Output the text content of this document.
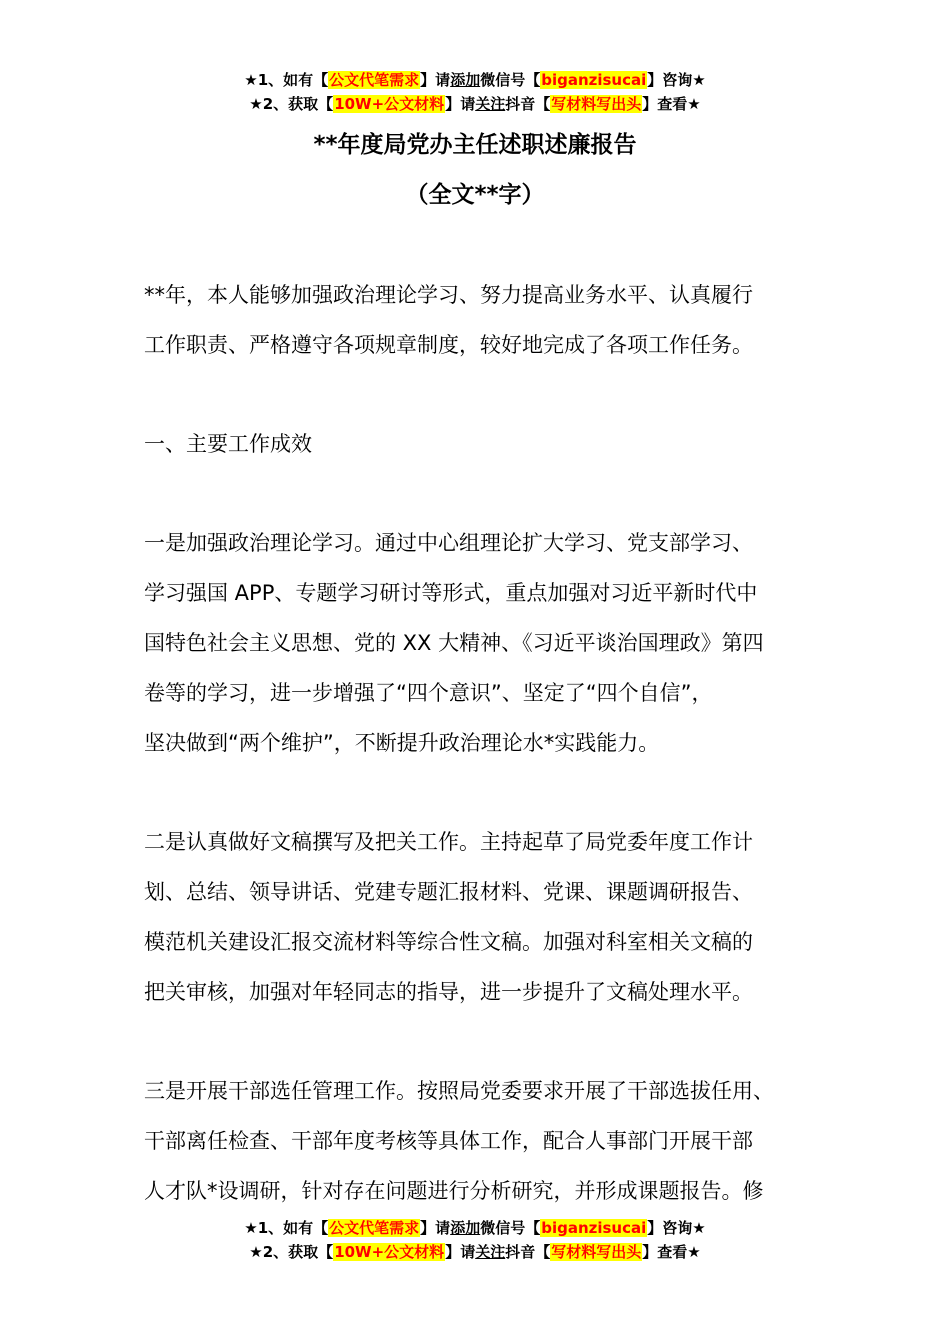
★1、如有【公文代笔需求】请添加微信号【biganzisucai】咨询★
★2、获取【10W+公文材料】请关注抖音【写材料写出头】查看★
**年度局党办主任述职述廉报告
（全文**字）

**年，本人能够加强政治理论学习、努力提高业务水平、认真履行

工作职责、严格遵守各项规章制度，较好地完成了各项工作任务。

一、主要工作成效

一是加强政治理论学习。通过中心组理论扩大学习、党支部学习、

学习强国 APP、专题学习研讨等形式，重点加强对习近平新时代中

国特色社会主义思想、党的 XX 大精神、《习近平谈治国理政》第四

卷等的学习，进一步增强了“四个意识”、坚定了“四个自信”，

坚决做到“两个维护”，不断提升政治理论水*实践能力。

二是认真做好文稿撰写及把关工作。主持起草了局党委年度工作计

划、总结、领导讲话、党建专题汇报材料、党课、课题调研报告、

模范机关建设汇报交流材料等综合性文稿。加强对科室相关文稿的

把关审核，加强对年轻同志的指导，进一步提升了文稿处理水平。

三是开展干部选任管理工作。按照局党委要求开展了干部选拔任用、

干部离任检查、干部年度考核等具体工作，配合人事部门开展干部

人才队*设调研，针对存在问题进行分析研究，并形成课题报告。修

★1、如有【公文代笔需求】请添加微信号【biganzisucai】咨询★
★2、获取【10W+公文材料】请关注抖音【写材料写出头】查看★
